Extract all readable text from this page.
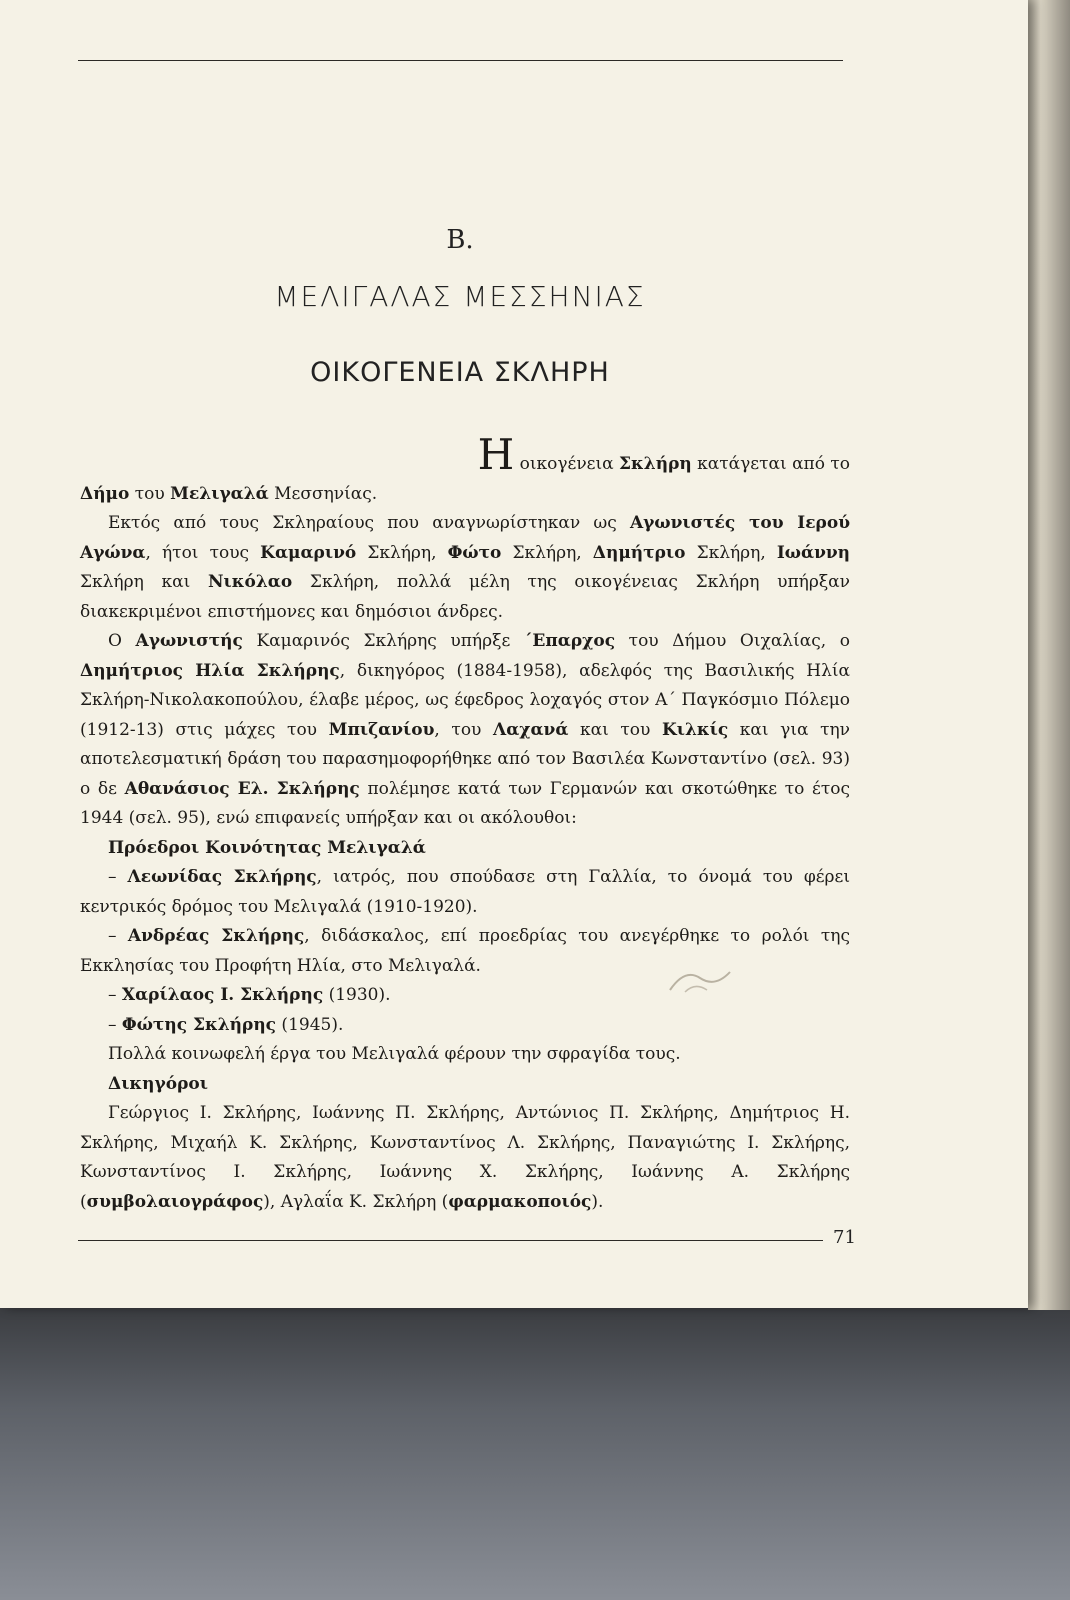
Β.
ΜΕΛΙΓΑΛΑΣ ΜΕΣΣΗΝΙΑΣ
ΟΙΚΟΓΕΝΕΙΑ ΣΚΛΗΡΗ

Η οικογένεια Σκλήρη κατάγεται από το

Δήμο του Μελιγαλά Μεσσηνίας.

Εκτός από τους Σκληραίους που αναγνωρίστηκαν ως Αγωνιστές του Ιερού Αγώνα, ήτοι τους Καμαρινό Σκλήρη, Φώτο Σκλήρη, Δημήτριο Σκλήρη, Ιωάννη Σκλήρη και Νικόλαο Σκλήρη, πολλά μέλη της οικογένειας Σκλήρη υπήρξαν διακεκριμένοι επιστήμονες και δημόσιοι άνδρες.

Ο Αγωνιστής Καμαρινός Σκλήρης υπήρξε ΄Επαρχος του Δήμου Οιχαλίας, ο Δημήτριος Ηλία Σκλήρης, δικηγόρος (1884-1958), αδελφός της Βασιλικής Ηλία Σκλήρη-Νικολακοπούλου, έλαβε μέρος, ως έφεδρος λοχαγός στον Α΄ Παγκόσμιο Πόλεμο (1912-13) στις μάχες του Μπιζανίου, του Λαχανά και του Κιλκίς και για την αποτελεσματική δράση του παρασημοφορήθηκε από τον Βασιλέα Κωνσταντίνο (σελ. 93) ο δε Αθανάσιος Ελ. Σκλήρης πολέμησε κατά των Γερμανών και σκοτώθηκε το έτος 1944 (σελ. 95), ενώ επιφανείς υπήρξαν και οι ακόλουθοι:

Πρόεδροι Κοινότητας Μελιγαλά

– Λεωνίδας Σκλήρης, ιατρός, που σπούδασε στη Γαλλία, το όνομά του φέρει κεντρικός δρόμος του Μελιγαλά (1910-1920).

– Ανδρέας Σκλήρης, διδάσκαλος, επί προεδρίας του ανεγέρθηκε το ρολόι της Εκκλησίας του Προφήτη Ηλία, στο Μελιγαλά.

– Χαρίλαος Ι. Σκλήρης (1930).

– Φώτης Σκλήρης (1945).

Πολλά κοινωφελή έργα του Μελιγαλά φέρουν την σφραγίδα τους.

Δικηγόροι

Γεώργιος Ι. Σκλήρης, Ιωάννης Π. Σκλήρης, Αντώνιος Π. Σκλήρης, Δημήτριος Η. Σκλήρης, Μιχαήλ Κ. Σκλήρης, Κωνσταντίνος Λ. Σκλήρης, Παναγιώτης Ι. Σκλήρης, Κωνσταντίνος Ι. Σκλήρης, Ιωάννης Χ. Σκλήρης, Ιωάννης Α. Σκλήρης (συμβολαιογράφος), Αγλαΐα Κ. Σκλήρη (φαρμακοποιός).

71
